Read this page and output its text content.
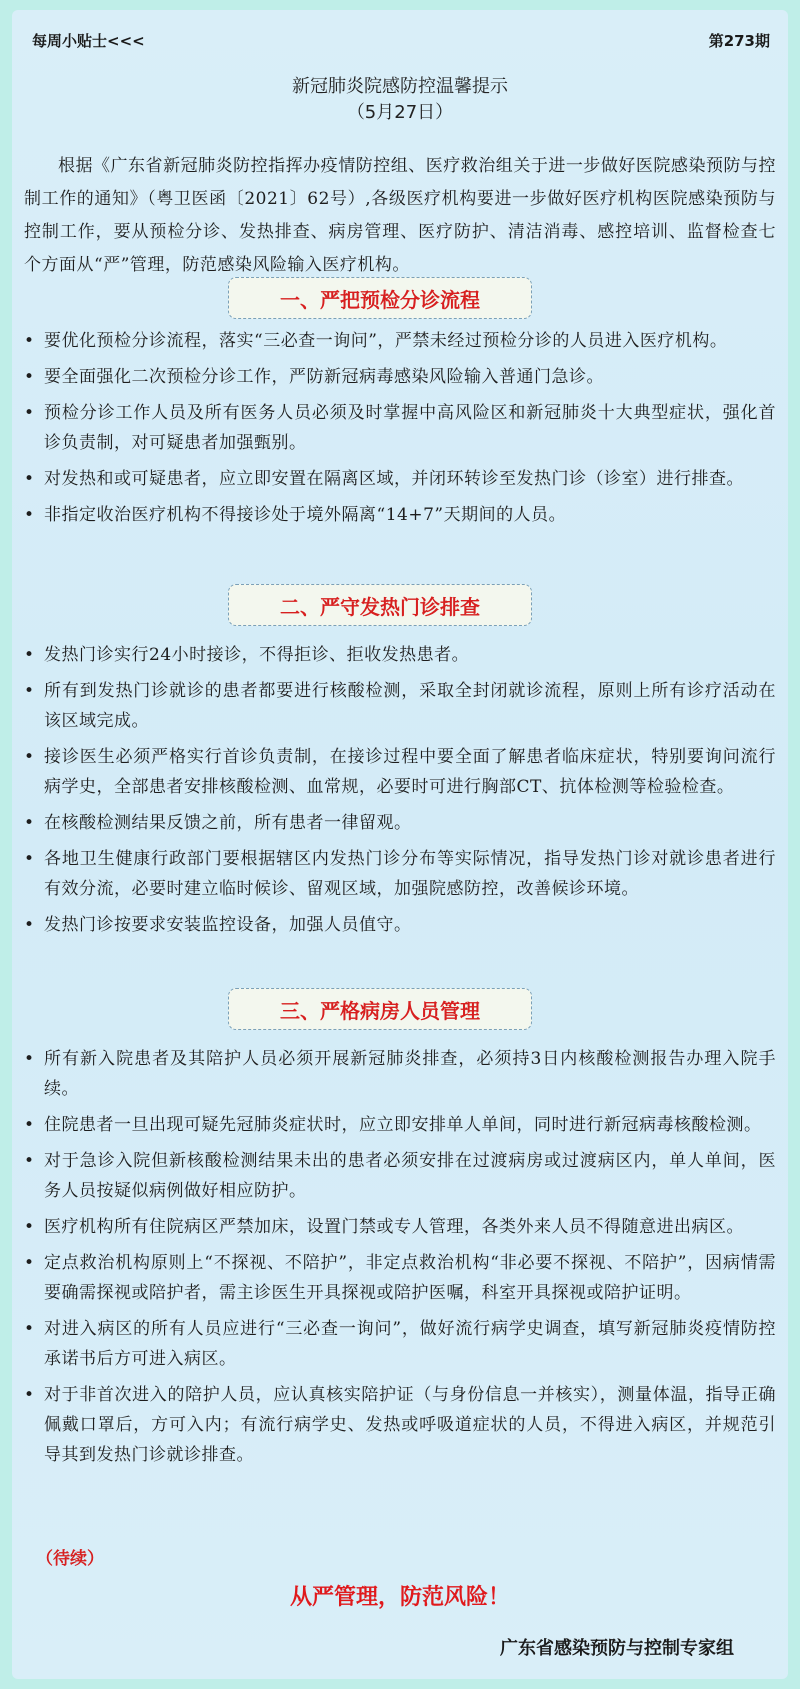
每周小贴士<<<	第273期
新冠肺炎院感防控温馨提示
（5月27日）
根据《广东省新冠肺炎防控指挥办疫情防控组、医疗救治组关于进一步做好医院感染预防与控制工作的通知》（粤卫医函〔2021〕62号）,各级医疗机构要进一步做好医疗机构医院感染预防与控制工作，要从预检分诊、发热排查、病房管理、医疗防护、清洁消毒、感控培训、监督检查七个方面从“严”管理，防范感染风险输入医疗机构。
一、严把预检分诊流程
• 要优化预检分诊流程，落实“三必查一询问”，严禁未经过预检分诊的人员进入医疗机构。
• 要全面强化二次预检分诊工作，严防新冠病毒感染风险输入普通门急诊。
• 预检分诊工作人员及所有医务人员必须及时掌握中高风险区和新冠肺炎十大典型症状，强化首诊负责制，对可疑患者加强甄别。
• 对发热和或可疑患者，应立即安置在隔离区域，并闭环转诊至发热门诊（诊室）进行排查。
• 非指定收治医疗机构不得接诊处于境外隔离“14+7”天期间的人员。
二、严守发热门诊排查
• 发热门诊实行24小时接诊，不得拒诊、拒收发热患者。
• 所有到发热门诊就诊的患者都要进行核酸检测，采取全封闭就诊流程，原则上所有诊疗活动在该区域完成。
• 接诊医生必须严格实行首诊负责制，在接诊过程中要全面了解患者临床症状，特别要询问流行病学史，全部患者安排核酸检测、血常规，必要时可进行胸部CT、抗体检测等检验检查。
• 在核酸检测结果反馈之前，所有患者一律留观。
• 各地卫生健康行政部门要根据辖区内发热门诊分布等实际情况，指导发热门诊对就诊患者进行有效分流，必要时建立临时候诊、留观区域，加强院感防控，改善候诊环境。
• 发热门诊按要求安装监控设备，加强人员值守。
三、严格病房人员管理
• 所有新入院患者及其陪护人员必须开展新冠肺炎排查，必须持3日内核酸检测报告办理入院手续。
• 住院患者一旦出现可疑先冠肺炎症状时，应立即安排单人单间，同时进行新冠病毒核酸检测。
• 对于急诊入院但新核酸检测结果未出的患者必须安排在过渡病房或过渡病区内，单人单间，医务人员按疑似病例做好相应防护。
• 医疗机构所有住院病区严禁加床，设置门禁或专人管理，各类外来人员不得随意进出病区。
• 定点救治机构原则上“不探视、不陪护”，非定点救治机构“非必要不探视、不陪护”，因病情需要确需探视或陪护者，需主诊医生开具探视或陪护医嘱，科室开具探视或陪护证明。
• 对进入病区的所有人员应进行“三必查一询问”，做好流行病学史调查，填写新冠肺炎疫情防控承诺书后方可进入病区。
• 对于非首次进入的陪护人员，应认真核实陪护证（与身份信息一并核实），测量体温，指导正确佩戴口罩后，方可入内；有流行病学史、发热或呼吸道症状的人员，不得进入病区，并规范引导其到发热门诊就诊排查。
（待续）
从严管理，防范风险！
广东省感染预防与控制专家组
